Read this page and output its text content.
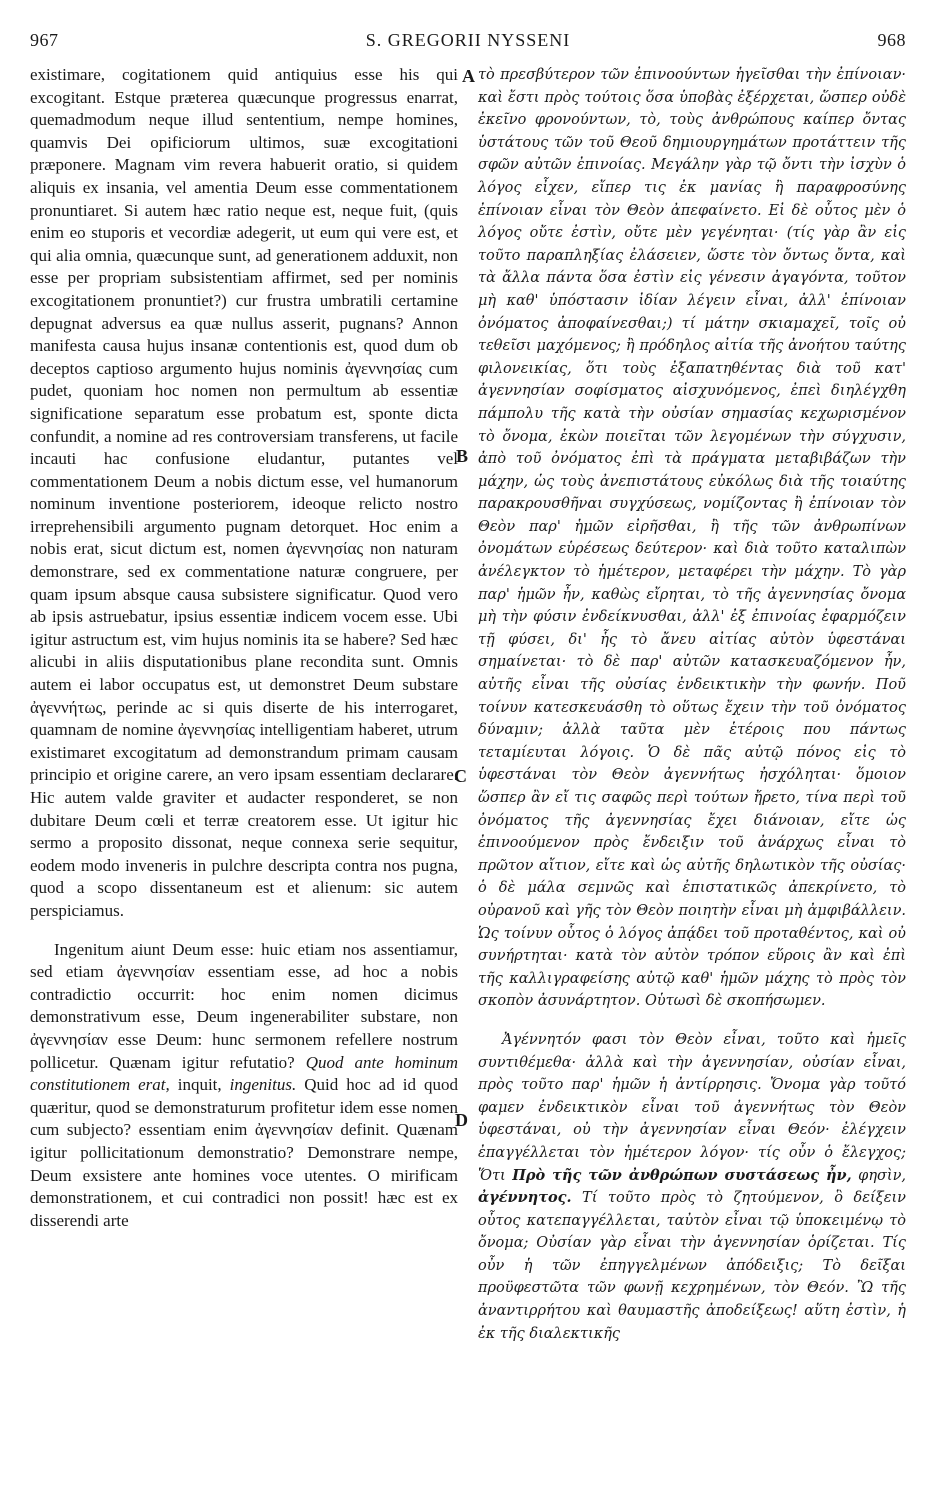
967	S. GREGORII NYSSENI	968

existimare, cogitationem quid antiquius esse his qui excogitant. Estque præterea quæcunque progressus enarrat, quemadmodum neque illud sententium, nempe homines, quamvis Dei opificiorum ultimos, suæ excogitationi præponere. Magnam vim revera habuerit oratio, si quidem aliquis ex insania, vel amentia Deum esse commentationem pronuntiaret. Si autem hæc ratio neque est, neque fuit, (quis enim eo stuporis et vecordiæ adegerit, ut eum qui vere est, et qui alia omnia, quæcunque sunt, ad generationem adduxit, non esse per propriam subsistentiam affirmet, sed per nominis excogitationem pronuntiet?) cur frustra umbratili certamine depugnat adversus ea quæ nullus asserit, pugnans? Annon manifesta causa hujus insanæ contentionis est, quod dum ob deceptos captioso argumento hujus nominis ἀγεννησίας cum pudet, quoniam hoc nomen non permultum ab essentiæ significatione separatum esse probatum est, sponte dicta confundit, a nomine ad res controversiam transferens, ut facile incauti hac confusione eludantur, putantes vel commentationem Deum a nobis dictum esse, vel humanorum nominum inventione posteriorem, ideoque relicto nostro irreprehensibili argumento pugnam detorquet. Hoc enim a nobis erat, sicut dictum est, nomen ἀγεννησίας non naturam demonstrare, sed ex commentatione naturæ congruere, per quam ipsum absque causa subsistere significatur. Quod vero ab ipsis astruebatur, ipsius essentiæ indicem vocem esse. Ubi igitur astructum est, vim hujus nominis ita se habere? Sed hæc alicubi in aliis disputationibus plane recondita sunt. Omnis autem ei labor occupatus est, ut demonstret Deum substare ἀγεννήτως, perinde ac si quis diserte de his interrogaret, quamnam de nomine ἀγεννησίας intelligentiam haberet, utrum existimaret excogitatum ad demonstrandum primam causam principio et origine carere, an vero ipsam essentiam declarare. Hic autem valde graviter et audacter responderet, se non dubitare Deum cœli et terræ creatorem esse. Ut igitur hic sermo a proposito dissonat, neque connexa serie sequitur, eodem modo inveneris in pulchre descripta contra nos pugna, quod a scopo dissentaneum est et alienum: sic autem perspiciamus.

Ingenitum aiunt Deum esse: huic etiam nos assentiamur, sed etiam ἀγεννησίαν essentiam esse, ad hoc a nobis contradictio occurrit: hoc enim nomen dicimus demonstrativum esse, Deum ingenerabiliter substare, non ἀγεννησίαν esse Deum: hunc sermonem refellere nostrum pollicetur. Quænam igitur refutatio? Quod ante hominum constitutionem erat, inquit, ingenitus. Quid hoc ad id quod quæritur, quod se demonstraturum profitetur idem esse nomen cum subjecto? essentiam enim ἀγεννησίαν definit. Quænam igitur pollicitationum demonstratio? Demonstrare nempe, Deum exsistere ante homines voce utentes. O mirificam demonstrationem, et cui contradici non possit! hæc est ex disserendi arte

A
B
C
D

τὸ πρεσβύτερον τῶν ἐπινοούντων ἡγεῖσθαι τὴν ἐπίνοιαν· καὶ ἔστι πρὸς τούτοις ὅσα ὑποβὰς ἐξέρχεται, ὥσπερ οὐδὲ ἐκεῖνο φρονούντων, τὸ, τοὺς ἀνθρώπους καίπερ ὄντας ὑστάτους τῶν τοῦ Θεοῦ δημιουργημάτων προτάττειν τῆς σφῶν αὐτῶν ἐπινοίας. Μεγάλην γὰρ τῷ ὄντι τὴν ἰσχὺν ὁ λόγος εἶχεν, εἴπερ τις ἐκ μανίας ἢ παραφροσύνης ἐπίνοιαν εἶναι τὸν Θεὸν ἀπεφαίνετο. Εἰ δὲ οὗτος μὲν ὁ λόγος οὔτε ἐστὶν, οὔτε μὲν γεγένηται· (τίς γὰρ ἂν εἰς τοῦτο παραπληξίας ἐλάσειεν, ὥστε τὸν ὄντως ὄντα, καὶ τὰ ἄλλα πάντα ὅσα ἐστὶν εἰς γένεσιν ἀγαγόντα, τοῦτον μὴ καθ' ὑπόστασιν ἰδίαν λέγειν εἶναι, ἀλλ' ἐπίνοιαν ὀνόματος ἀποφαίνεσθαι;) τί μάτην σκιαμαχεῖ, τοῖς οὐ τεθεῖσι μαχόμενος; ἢ πρόδηλος αἰτία τῆς ἀνοήτου ταύτης φιλονεικίας, ὅτι τοὺς ἐξαπατηθέντας διὰ τοῦ κατ' ἀγεννησίαν σοφίσματος αἰσχυνόμενος, ἐπεὶ διηλέγχθη πάμπολυ τῆς κατὰ τὴν οὐσίαν σημασίας κεχωρισμένον τὸ ὄνομα, ἑκὼν ποιεῖται τῶν λεγομένων τὴν σύγχυσιν, ἀπὸ τοῦ ὀνόματος ἐπὶ τὰ πράγματα μεταβιβάζων τὴν μάχην, ὡς τοὺς ἀνεπιστάτους εὐκόλως διὰ τῆς τοιαύτης παρακρουσθῆναι συγχύσεως, νομίζοντας ἢ ἐπίνοιαν τὸν Θεὸν παρ' ἡμῶν εἰρῆσθαι, ἢ τῆς τῶν ἀνθρωπίνων ὀνομάτων εὑρέσεως δεύτερον· καὶ διὰ τοῦτο καταλιπὼν ἀνέλεγκτον τὸ ἡμέτερον, μεταφέρει τὴν μάχην. Τὸ γὰρ παρ' ἡμῶν ἦν, καθὼς εἴρηται, τὸ τῆς ἀγεννησίας ὄνομα μὴ τὴν φύσιν ἐνδείκνυσθαι, ἀλλ' ἐξ ἐπινοίας ἐφαρμόζειν τῇ φύσει, δι' ἧς τὸ ἄνευ αἰτίας αὐτὸν ὑφεστάναι σημαίνεται· τὸ δὲ παρ' αὐτῶν κατασκευαζόμενον ἦν, αὐτῆς εἶναι τῆς οὐσίας ἐνδεικτικὴν τὴν φωνήν. Ποῦ τοίνυν κατεσκευάσθη τὸ οὕτως ἔχειν τὴν τοῦ ὀνόματος δύναμιν; ἀλλὰ ταῦτα μὲν ἑτέροις που πάντως τεταμίευται λόγοις. Ὁ δὲ πᾶς αὐτῷ πόνος εἰς τὸ ὑφεστάναι τὸν Θεὸν ἀγεννήτως ἠσχόληται· ὅμοιον ὥσπερ ἂν εἴ τις σαφῶς περὶ τούτων ἤρετο, τίνα περὶ τοῦ ὀνόματος τῆς ἀγεννησίας ἔχει διάνοιαν, εἴτε ὡς ἐπινοούμενον πρὸς ἔνδειξιν τοῦ ἀνάρχως εἶναι τὸ πρῶτον αἴτιον, εἴτε καὶ ὡς αὐτῆς δηλωτικὸν τῆς οὐσίας· ὁ δὲ μάλα σεμνῶς καὶ ἐπιστατικῶς ἀπεκρίνετο, τὸ οὐρανοῦ καὶ γῆς τὸν Θεὸν ποιητὴν εἶναι μὴ ἀμφιβάλλειν. Ὡς τοίνυν οὗτος ὁ λόγος ἀπᾴδει τοῦ προταθέντος, καὶ οὐ συνήρτηται· κατὰ τὸν αὐτὸν τρόπον εὕροις ἂν καὶ ἐπὶ τῆς καλλιγραφείσης αὐτῷ καθ' ἡμῶν μάχης τὸ πρὸς τὸν σκοπὸν ἀσυνάρτητον. Οὑτωσὶ δὲ σκοπήσωμεν.

Ἀγέννητόν φασι τὸν Θεὸν εἶναι, τοῦτο καὶ ἡμεῖς συντιθέμεθα· ἀλλὰ καὶ τὴν ἀγεννησίαν, οὐσίαν εἶναι, πρὸς τοῦτο παρ' ἡμῶν ἡ ἀντίρρησις. Ὄνομα γὰρ τοῦτό φαμεν ἐνδεικτικὸν εἶναι τοῦ ἀγεννήτως τὸν Θεὸν ὑφεστάναι, οὐ τὴν ἀγεννησίαν εἶναι Θεόν· ἐλέγχειν ἐπαγγέλλεται τὸν ἡμέτερον λόγον· τίς οὖν ὁ ἔλεγχος; Ὅτι Πρὸ τῆς τῶν ἀνθρώπων συστάσεως ἦν, φησὶν, ἀγέννητος. Τί τοῦτο πρὸς τὸ ζητούμενον, ὃ δείξειν οὗτος κατεπαγγέλλεται, ταὐτὸν εἶναι τῷ ὑποκειμένῳ τὸ ὄνομα; Οὐσίαν γὰρ εἶναι τὴν ἀγεννησίαν ὁρίζεται. Τίς οὖν ἡ τῶν ἐπηγγελμένων ἀπόδειξις; Τὸ δεῖξαι προϋφεστῶτα τῶν φωνῇ κεχρημένων, τὸν Θεόν. Ὢ τῆς ἀναντιρρήτου καὶ θαυμαστῆς ἀποδείξεως! αὕτη ἐστὶν, ἡ ἐκ τῆς διαλεκτικῆς
